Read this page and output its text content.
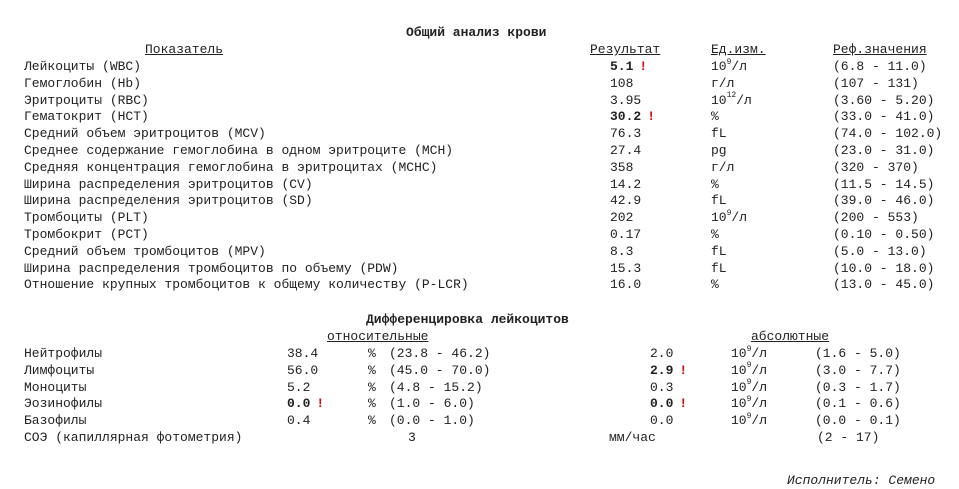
Общий анализ крови
Показатель	Результат	Ед.изм.	Реф.значения
Лейкоциты (WBC)	5.1 !	$10^9/л$	(6.8 - 11.0)
Гемоглобин (Hb)	108	г/л	(107 - 131)
Эритроциты (RBC)	3.95	$10^{12}/л$	(3.60 - 5.20)
Гематокрит (HCT)	30.2 !	%	(33.0 - 41.0)
Средний объем эритроцитов (MCV)	76.3	fL	(74.0 - 102.0)
Среднее содержание гемоглобина в одном эритроците (MCH)	27.4	pg	(23.0 - 31.0)
Средняя концентрация гемоглобина в эритроцитах (MCHC)	358	г/л	(320 - 370)
Ширина распределения эритроцитов (CV)	14.2	%	(11.5 - 14.5)
Ширина распределения эритроцитов (SD)	42.9	fL	(39.0 - 46.0)
Тромбоциты (PLT)	202	$10^9/л$	(200 - 553)
Тромбокрит (PCT)	0.17	%	(0.10 - 0.50)
Средний объем тромбоцитов (MPV)	8.3	fL	(5.0 - 13.0)
Ширина распределения тромбоцитов по объему (PDW)	15.3	fL	(10.0 - 18.0)
Отношение крупных тромбоцитов к общему количеству (P-LCR)	16.0	%	(13.0 - 45.0)
Дифференцировка лейкоцитов
относительные	абсолютные
Нейтрофилы	38.4	% (23.8 - 46.2)	2.0	$10^9/л$	(1.6 - 5.0)
Лимфоциты	56.0	% (45.0 - 70.0)	2.9 !	$10^9/л$	(3.0 - 7.7)
Моноциты	5.2	% (4.8 - 15.2)	0.3	$10^9/л$	(0.3 - 1.7)
Эозинофилы	0.0 !	% (1.0 - 6.0)	0.0 !	$10^9/л$	(0.1 - 0.6)
Базофилы	0.4	% (0.0 - 1.0)	0.0	$10^9/л$	(0.0 - 0.1)
СОЭ (капиллярная фотометрия)	3	мм/час	(2 - 17)
Исполнитель: Семено
